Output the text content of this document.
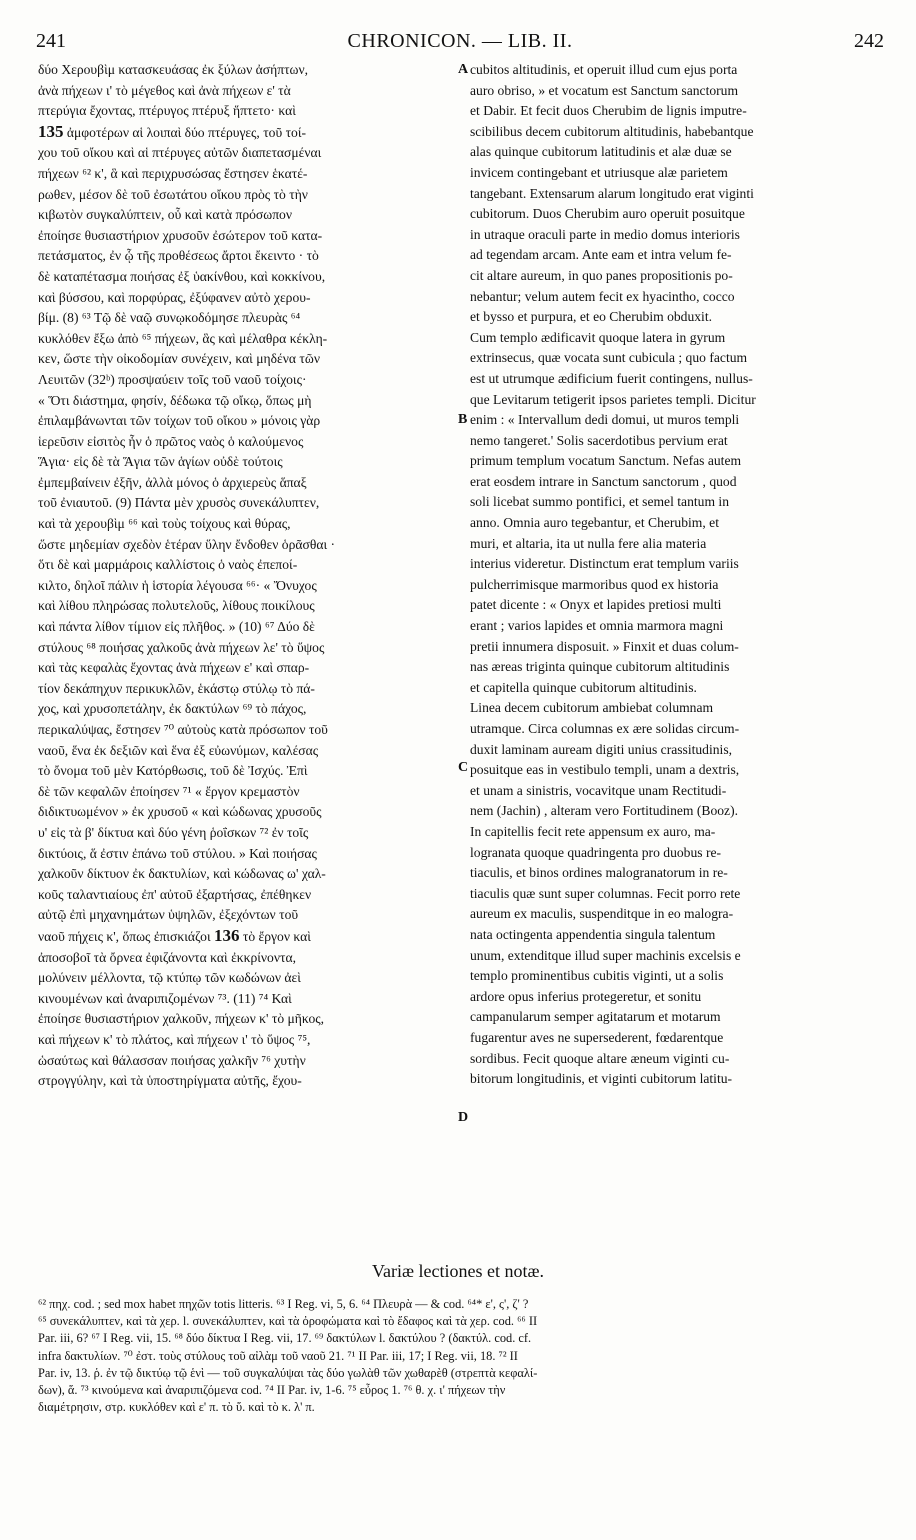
241	CHRONICON. — LIB. II.	242
δύο Χερουβὶμ κατασκευάσας ἐκ ξύλων ἀσήπτων,
ἀνὰ πήχεων ι' τὸ μέγεθος καὶ ἀνὰ πήχεων ε' τὰ
πτερύγια ἔχοντας, πτέρυγος πτέρυξ ἥπτετο· καὶ
135 ἀμφοτέρων αἱ λοιπαὶ δύο πτέρυγες, τοῦ τοί-
χου τοῦ οἴκου καὶ αἱ πτέρυγες αὐτῶν διαπετασμέναι
πήχεων ⁶² κ', ἃ καὶ περιχρυσώσας ἔστησεν ἑκατέ-
ρωθεν, μέσον δὲ τοῦ ἐσωτάτου οἴκου πρὸς τὸ τὴν
κιβωτὸν συγκαλύπτειν, οὗ καὶ κατὰ πρόσωπον
ἐποίησε θυσιαστήριον χρυσοῦν ἐσώτερον τοῦ κατα-
πετάσματος, ἐν ᾧ τῆς προθέσεως ἄρτοι ἔκειντο · τὸ
δὲ καταπέτασμα ποιήσας ἐξ ὑακίνθου, καὶ κοκκίνου,
καὶ βύσσου, καὶ πορφύρας, ἐξύφανεν αὐτὸ χερου-
βίμ. (8) ⁶³ Τῷ δὲ ναῷ συνῳκοδόμησε πλευρὰς ⁶⁴
κυκλόθεν ἔξω ἀπὸ ⁶⁵ πήχεων, ἃς καὶ μέλαθρα κέκλη-
κεν, ὥστε τὴν οἰκοδομίαν συνέχειν, καὶ μηδένα τῶν
Λευιτῶν (32ᵇ) προσψαύειν τοῖς τοῦ ναοῦ τοίχοις·
« Ὅτι διάστημα, φησίν, δέδωκα τῷ οἴκῳ, ὅπως μὴ
ἐπιλαμβάνωνται τῶν τοίχων τοῦ οἴκου » μόνοις γὰρ
ἱερεῦσιν εἰσιτὸς ἦν ὁ πρῶτος ναὸς ὁ καλούμενος
Ἅγια· εἰς δὲ τὰ Ἅγια τῶν ἁγίων οὐδὲ τούτοις
ἐμπεμβαίνειν ἐξῆν, ἀλλὰ μόνος ὁ ἀρχιερεὺς ἅπαξ
τοῦ ἐνιαυτοῦ. (9) Πάντα μὲν χρυσὸς συνεκάλυπτεν,
καὶ τὰ χερουβὶμ ⁶⁶ καὶ τοὺς τοίχους καὶ θύρας,
ὥστε μηδεμίαν σχεδὸν ἑτέραν ὕλην ἔνδοθεν ὁρᾶσθαι ·
ὅτι δὲ καὶ μαρμάροις καλλίστοις ὁ ναὸς ἐπεποί-
κιλτο, δηλοῖ πάλιν ἡ ἱστορία λέγουσα ⁶⁶· « Ὄνυχος
καὶ λίθου πληρώσας πολυτελοῦς, λίθους ποικίλους
καὶ πάντα λίθον τίμιον εἰς πλῆθος. » (10) ⁶⁷ Δύο δὲ
στύλους ⁶⁸ ποιήσας χαλκοῦς ἀνὰ πήχεων λε' τὸ ὕψος
καὶ τὰς κεφαλὰς ἔχοντας ἀνὰ πήχεων ε' καὶ σπαρ-
τίον δεκάπηχυν περικυκλῶν, ἑκάστῳ στύλῳ τὸ πά-
χος, καὶ χρυσοπετάλην, ἐκ δακτύλων ⁶⁹ τὸ πάχος,
περικαλύψας, ἔστησεν ⁷⁰ αὐτοὺς κατὰ πρόσωπον τοῦ
ναοῦ, ἕνα ἐκ δεξιῶν καὶ ἕνα ἐξ εὐωνύμων, καλέσας
τὸ ὄνομα τοῦ μὲν Κατόρθωσις, τοῦ δὲ Ἰσχύς. Ἐπὶ
δὲ τῶν κεφαλῶν ἐποίησεν ⁷¹ « ἔργον κρεμαστὸν
διδικτυωμένον » ἐκ χρυσοῦ « καὶ κώδωνας χρυσοῦς
υ' εἰς τὰ β' δίκτυα καὶ δύο γένη ῥοΐσκων ⁷² ἐν τοῖς
δικτύοις, ἅ ἐστιν ἐπάνω τοῦ στύλου. » Καὶ ποιήσας
χαλκοῦν δίκτυον ἐκ δακτυλίων, καὶ κώδωνας ω' χαλ-
κοῦς ταλαντιαίους ἐπ' αὐτοῦ ἐξαρτήσας, ἐπέθηκεν
αὐτῷ ἐπὶ μηχανημάτων ὑψηλῶν, ἐξεχόντων τοῦ
ναοῦ πήχεις κ', ὅπως ἐπισκιάζοι 136 τὸ ἔργον καὶ
ἀποσοβοῖ τὰ ὄρνεα ἐφιζάνοντα καὶ ἐκκρίνοντα,
μολύνειν μέλλοντα, τῷ κτύπῳ τῶν κωδώνων ἀεὶ
κινουμένων καὶ ἀναριπιζομένων ⁷³. (11) ⁷⁴ Καὶ
ἐποίησε θυσιαστήριον χαλκοῦν, πήχεων κ' τὸ μῆκος,
καὶ πήχεων κ' τὸ πλάτος, καὶ πήχεων ι' τὸ ὕψος ⁷⁵,
ὡσαύτως καὶ θάλασσαν ποιήσας χαλκῆν ⁷⁶ χυτὴν
στρογγύλην, καὶ τὰ ὑποστηρίγματα αὐτῆς, ἔχου-
cubitos altitudinis, et operuit illud cum ejus porta
auro obriso, » et vocatum est Sanctum sanctorum
et Dabir. Et fecit duos Cherubim de lignis imputre-
scibilibus decem cubitorum altitudinis, habebantque
alas quinque cubitorum latitudinis et alæ duæ se
invicem contingebant et utriusque alæ parietem
tangebant. Extensarum alarum longitudo erat viginti
cubitorum. Duos Cherubim auro operuit posuitque
in utraque oraculi parte in medio domus interioris
ad tegendam arcam. Ante eam et intra velum fe-
cit altare aureum, in quo panes propositionis po-
nebantur; velum autem fecit ex hyacintho, cocco
et bysso et purpura, et eo Cherubim obduxit.
Cum templo ædificavit quoque latera in gyrum
extrinsecus, quæ vocata sunt cubicula ; quo factum
est ut utrumque ædificium fuerit contingens, nullus-
que Levitarum tetigerit ipsos parietes templi. Dicitur
enim : « Intervallum dedi domui, ut muros templi
nemo tangeret.' Solis sacerdotibus pervium erat
primum templum vocatum Sanctum. Nefas autem
erat eosdem intrare in Sanctum sanctorum , quod
soli licebat summo pontifici, et semel tantum in
anno. Omnia auro tegebantur, et Cherubim, et
muri, et altaria, ita ut nulla fere alia materia
interius videretur. Distinctum erat templum variis
pulcherrimisque marmoribus quod ex historia
patet dicente : « Onyx et lapides pretiosi multi
erant ; varios lapides et omnia marmora magni
pretii innumera disposuit. » Finxit et duas colum-
nas æreas triginta quinque cubitorum altitudinis
et capitella quinque cubitorum altitudinis.
Linea decem cubitorum ambiebat columnam
utramque. Circa columnas ex ære solidas circum-
duxit laminam auream digiti unius crassitudinis,
posuitque eas in vestibulo templi, unam a dextris,
et unam a sinistris, vocavitque unam Rectitudi-
nem (Jachin) , alteram vero Fortitudinem (Booz).
In capitellis fecit rete appensum ex auro, ma-
logranata quoque quadringenta pro duobus re-
tiaculis, et binos ordines malogranatorum in re-
tiaculis quæ sunt super columnas. Fecit porro rete
aureum ex maculis, suspenditque in eo malogra-
nata octingenta appendentia singula talentum
unum, extenditque illud super machinis excelsis e
templo prominentibus cubitis viginti, ut a solis
ardore opus inferius protegeretur, et sonitu
campanularum semper agitatarum et motarum
fugarentur aves ne supersederent, fœdarentque
sordibus. Fecit quoque altare æneum viginti cu-
bitorum longitudinis, et viginti cubitorum latitu-
A
B
C
D
Variæ lectiones et notæ.
⁶² πηχ. cod. ; sed mox habet πηχῶν totis litteris. ⁶³ I Reg. vi, 5, 6. ⁶⁴ Πλευρὰ — & cod. ⁶⁴* ε', ς', ζ' ?
⁶⁵ συνεκάλυπτεν, καὶ τὰ χερ. l. συνεκάλυπτεν, καὶ τὰ ὀροφώματα καὶ τὸ ἔδαφος καὶ τὰ χερ. cod. ⁶⁶ II
Par. iii, 6? ⁶⁷ I Reg. vii, 15. ⁶⁸ δύο δίκτυα I Reg. vii, 17. ⁶⁹ δακτύλων l. δακτύλου ? (δακτύλ. cod. cf.
infra δακτυλίων. ⁷⁰ ἐστ. τοὺς στύλους τοῦ αἰλὰμ τοῦ ναοῦ 21. ⁷¹ II Par. iii, 17; I Reg. vii, 18. ⁷² II
Par. iv, 13. ῥ. ἐν τῷ δικτύῳ τῷ ἑνὶ — τοῦ συγκαλύψαι τὰς δύο γωλὰθ τῶν χωθαρὲθ (στρεπτὰ κεφαλί-
δων), ἅ. ⁷³ κινούμενα καὶ ἀναριπιζόμενα cod. ⁷⁴ II Par. iv, 1-6. ⁷⁵ εὖρος 1. ⁷⁶ θ. χ. ι' πήχεων τὴν
διαμέτρησιν, στρ. κυκλόθεν καὶ ε' π. τὸ ὕ. καὶ τὸ κ. λ' π.
